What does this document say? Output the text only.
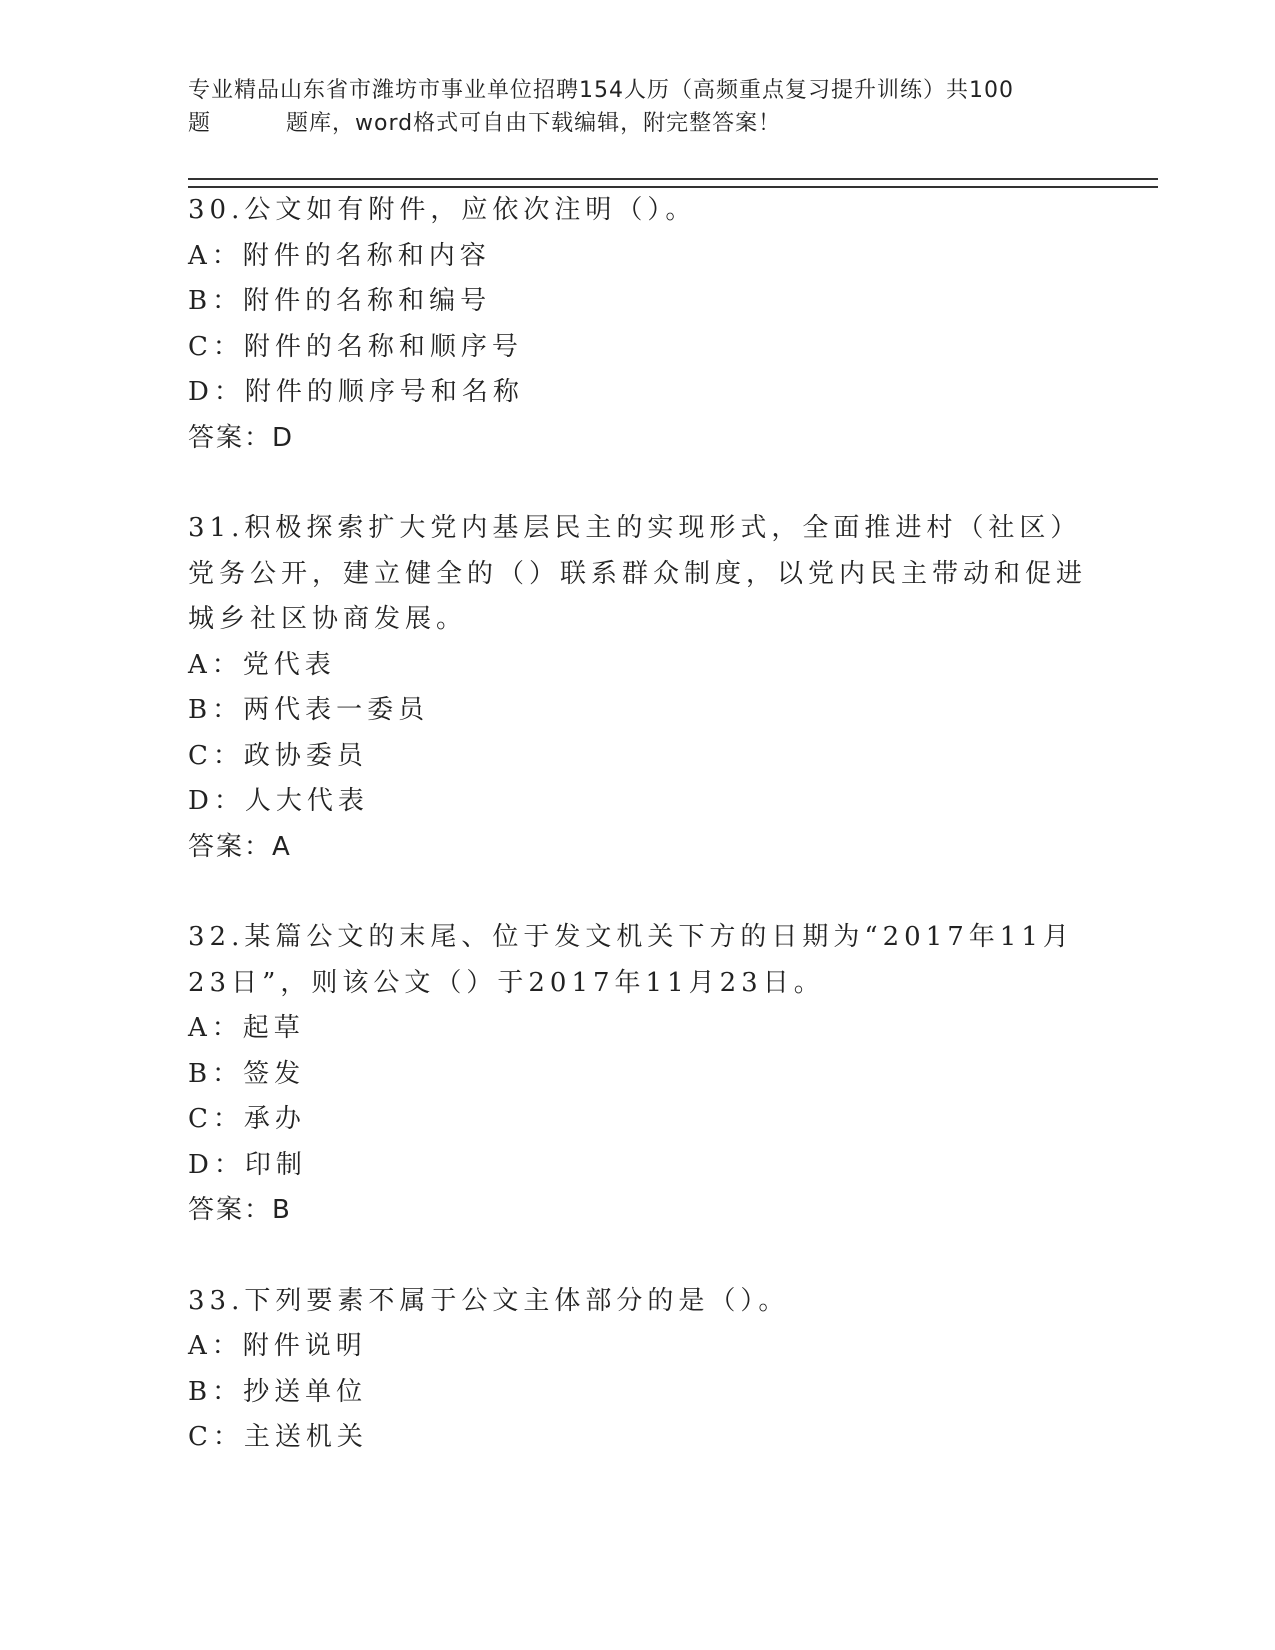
专业精品山东省市潍坊市事业单位招聘154人历（高频重点复习提升训练）共100
题	题库，word格式可自由下载编辑，附完整答案！
30.公文如有附件，应依次注明（）。
A：附件的名称和内容
B：附件的名称和编号
C：附件的名称和顺序号
D：附件的顺序号和名称
答案：D
31.积极探索扩大党内基层民主的实现形式，全面推进村（社区）党务公开，建立健全的（）联系群众制度，以党内民主带动和促进城乡社区协商发展。
A：党代表
B：两代表一委员
C：政协委员
D：人大代表
答案：A
32.某篇公文的末尾、位于发文机关下方的日期为“2017年11月23日”，则该公文（）于2017年11月23日。
A：起草
B：签发
C：承办
D：印制
答案：B
33.下列要素不属于公文主体部分的是（）。
A：附件说明
B：抄送单位
C：主送机关
